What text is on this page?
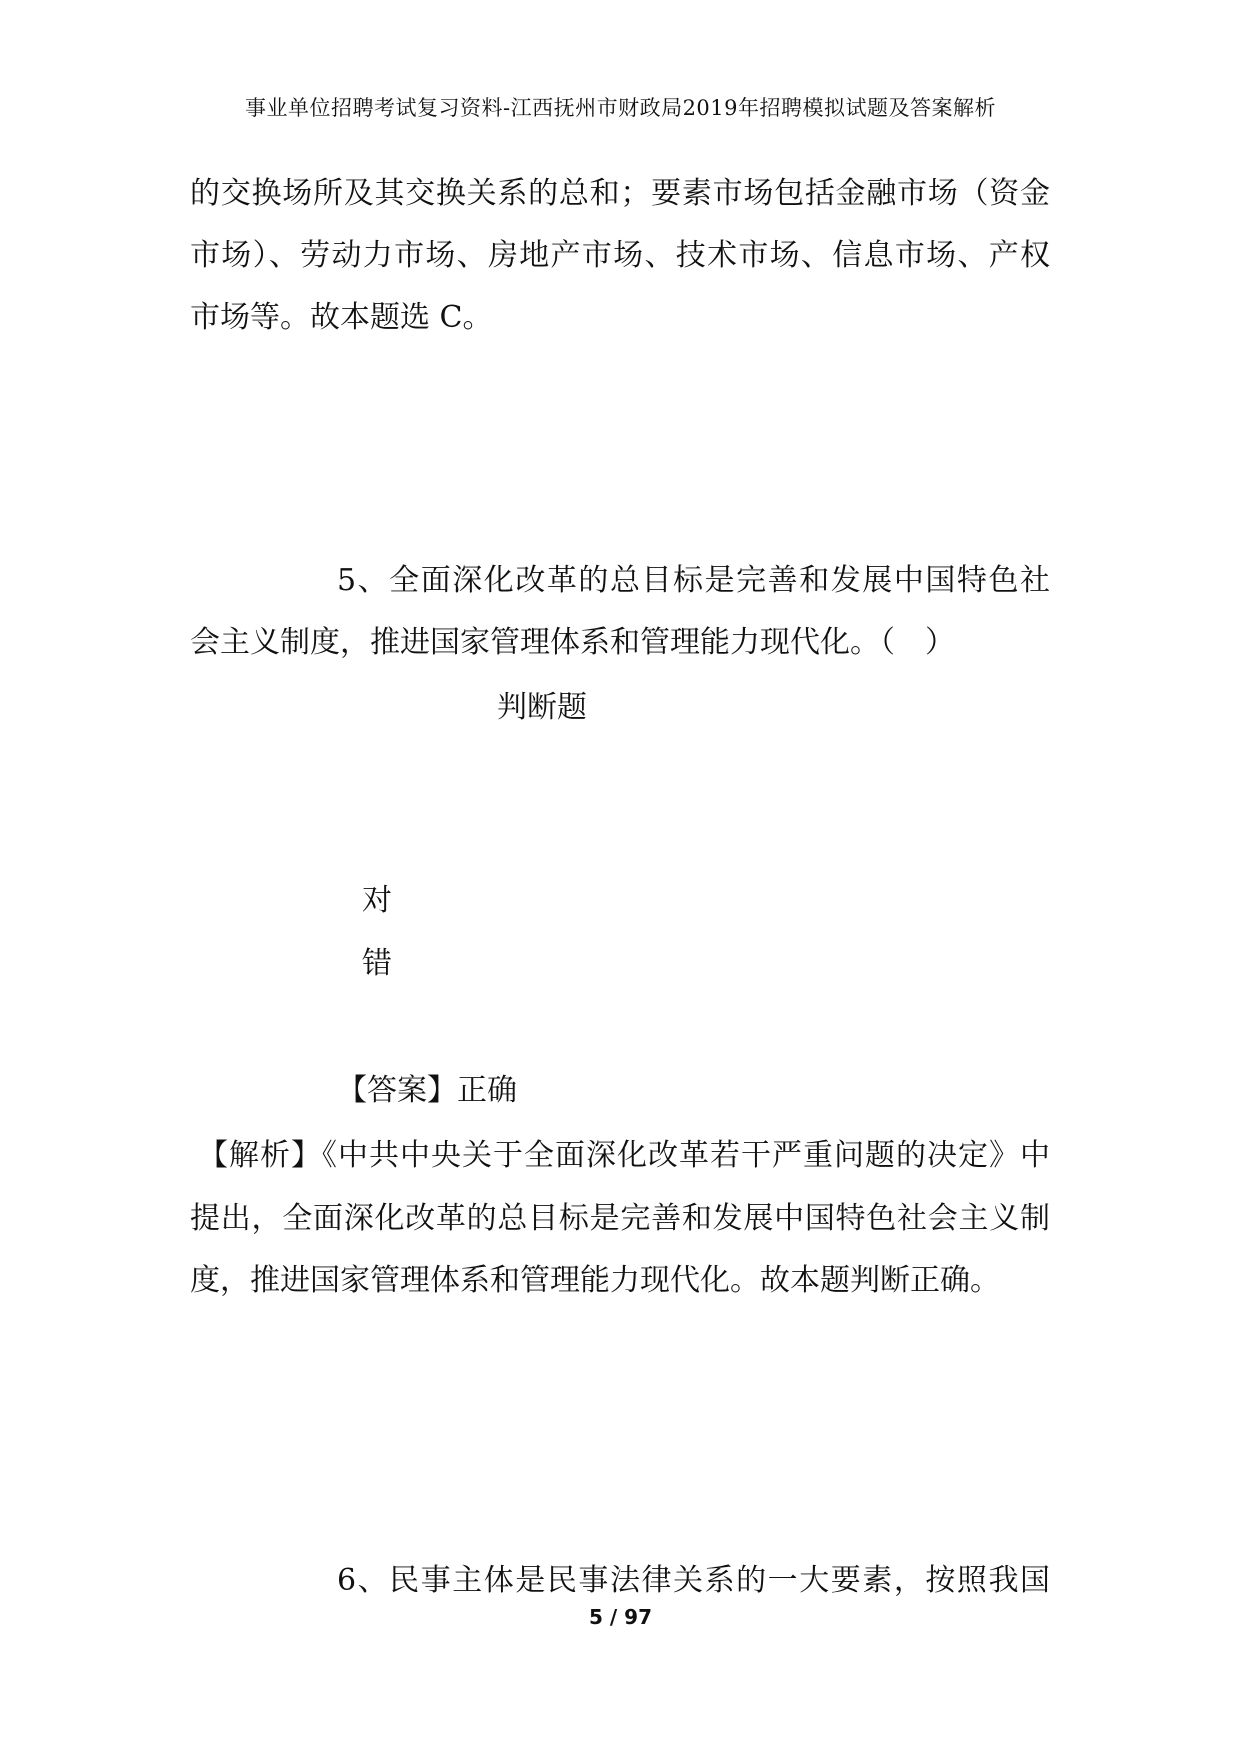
事业单位招聘考试复习资料-江西抚州市财政局2019年招聘模拟试题及答案解析
的交换场所及其交换关系的总和；要素市场包括金融市场（资金
市场）、劳动力市场、房地产市场、技术市场、信息市场、产权
市场等。故本题选 C。
5、全面深化改革的总目标是完善和发展中国特色社
会主义制度，推进国家管理体系和管理能力现代化。（　）
判断题
对
错
【答案】正确
【解析】《中共中央关于全面深化改革若干严重问题的决定》中
提出，全面深化改革的总目标是完善和发展中国特色社会主义制
度，推进国家管理体系和管理能力现代化。故本题判断正确。
6、民事主体是民事法律关系的一大要素，按照我国
5 / 97
